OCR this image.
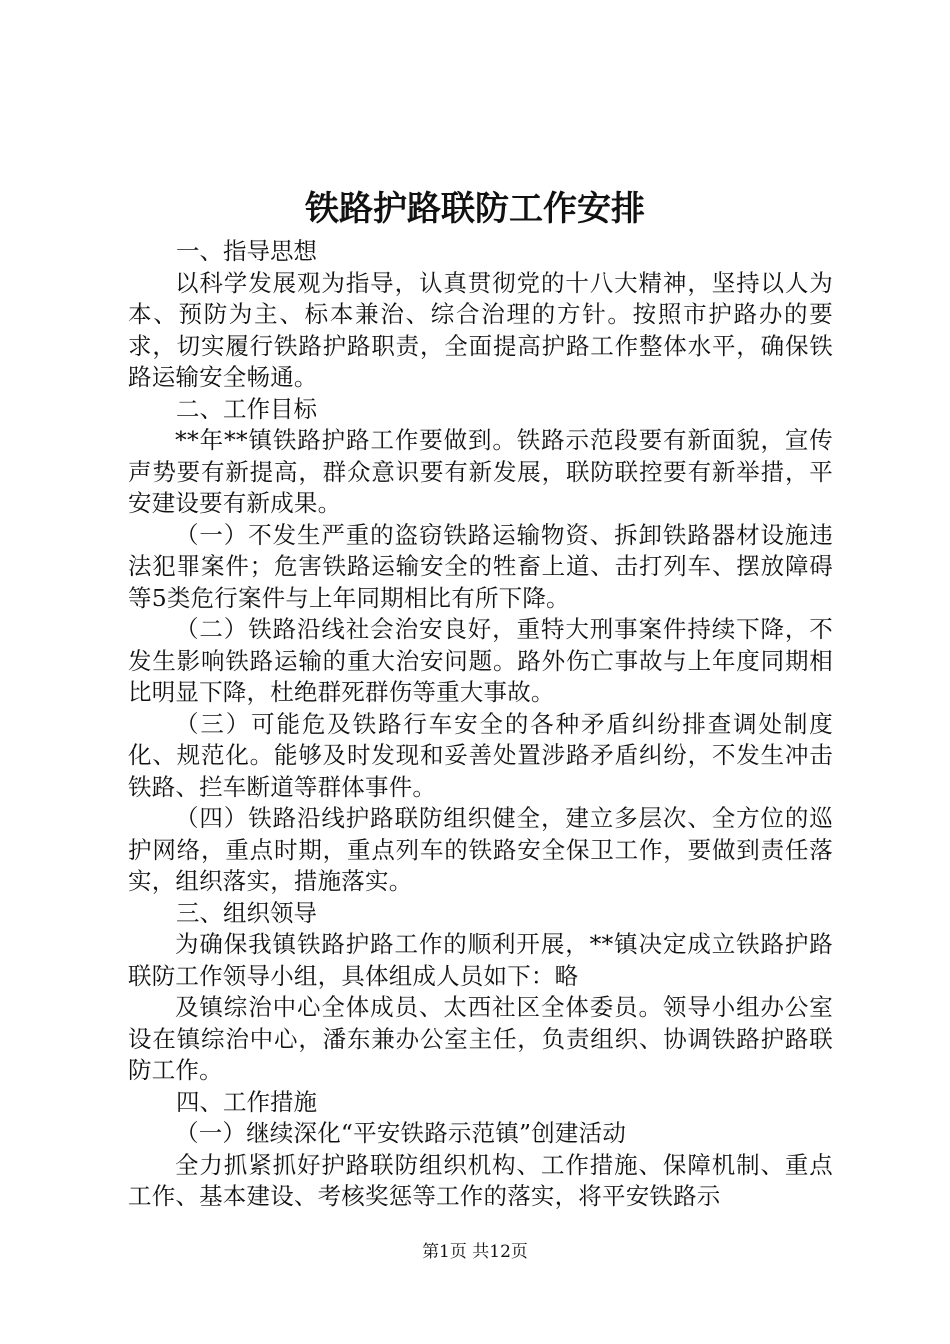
铁路护路联防工作安排

一、指导思想

以科学发展观为指导，认真贯彻党的十八大精神，坚持以人为本、预防为主、标本兼治、综合治理的方针。按照市护路办的要求，切实履行铁路护路职责，全面提高护路工作整体水平，确保铁路运输安全畅通。

二、工作目标

**年**镇铁路护路工作要做到。铁路示范段要有新面貌，宣传声势要有新提高，群众意识要有新发展，联防联控要有新举措，平安建设要有新成果。

（一）不发生严重的盗窃铁路运输物资、拆卸铁路器材设施违法犯罪案件；危害铁路运输安全的牲畜上道、击打列车、摆放障碍等5类危行案件与上年同期相比有所下降。

（二）铁路沿线社会治安良好，重特大刑事案件持续下降，不发生影响铁路运输的重大治安问题。路外伤亡事故与上年度同期相比明显下降，杜绝群死群伤等重大事故。

（三）可能危及铁路行车安全的各种矛盾纠纷排查调处制度化、规范化。能够及时发现和妥善处置涉路矛盾纠纷，不发生冲击铁路、拦车断道等群体事件。

（四）铁路沿线护路联防组织健全，建立多层次、全方位的巡护网络，重点时期，重点列车的铁路安全保卫工作，要做到责任落实，组织落实，措施落实。

三、组织领导

为确保我镇铁路护路工作的顺利开展，**镇决定成立铁路护路联防工作领导小组，具体组成人员如下：略

及镇综治中心全体成员、太西社区全体委员。领导小组办公室设在镇综治中心，潘东兼办公室主任，负责组织、协调铁路护路联防工作。

四、工作措施

（一）继续深化“平安铁路示范镇”创建活动

全力抓紧抓好护路联防组织机构、工作措施、保障机制、重点工作、基本建设、考核奖惩等工作的落实，将平安铁路示

第1页 共12页
